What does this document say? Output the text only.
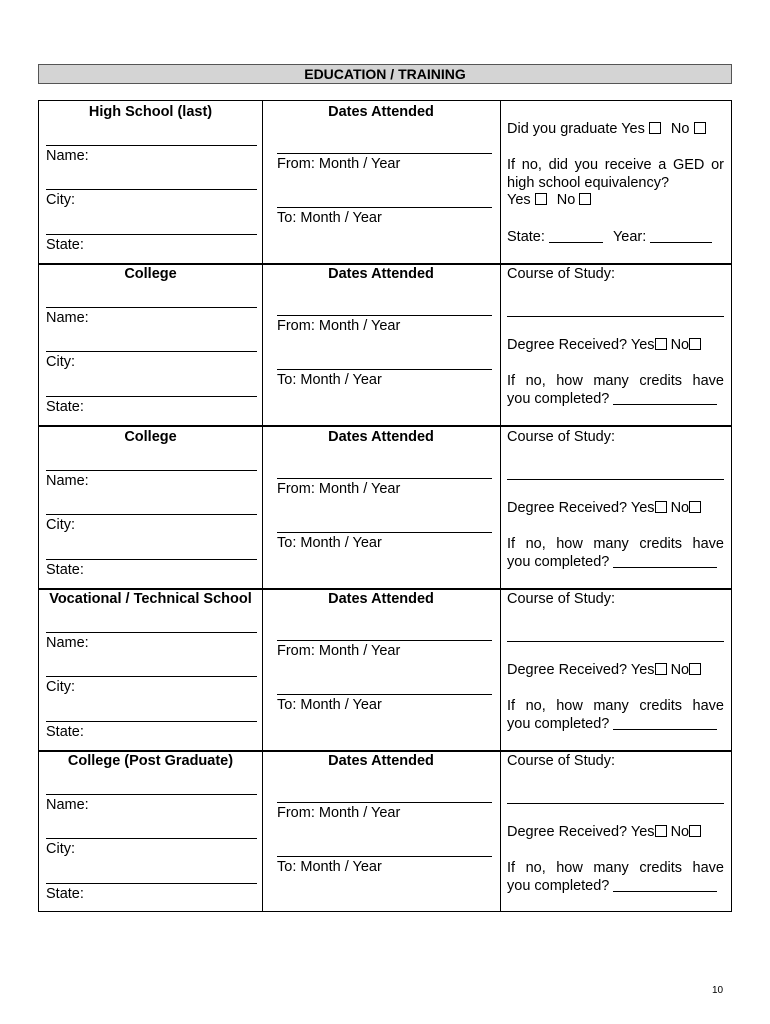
EDUCATION / TRAINING
High School (last)
Name:
City:
State:
Dates Attended
From: Month / Year
To: Month / Year
Did you graduate Yes No
If no, did you receive a GED or
high school equivalency?
Yes No
State:	Year:
College
Name:
City:
State:
Dates Attended
From: Month / Year
To: Month / Year
Course of Study:
Degree Received? Yes No
If no, how many credits have
you completed?
College
Name:
City:
State:
Dates Attended
From: Month / Year
To: Month / Year
Course of Study:
Degree Received? Yes No
If no, how many credits have
you completed?
Vocational / Technical School
Name:
City:
State:
Dates Attended
From: Month / Year
To: Month / Year
Course of Study:
Degree Received? Yes No
If no, how many credits have
you completed?
College (Post Graduate)
Name:
City:
State:
Dates Attended
From: Month / Year
To: Month / Year
Course of Study:
Degree Received? Yes No
If no, how many credits have
you completed?
10
